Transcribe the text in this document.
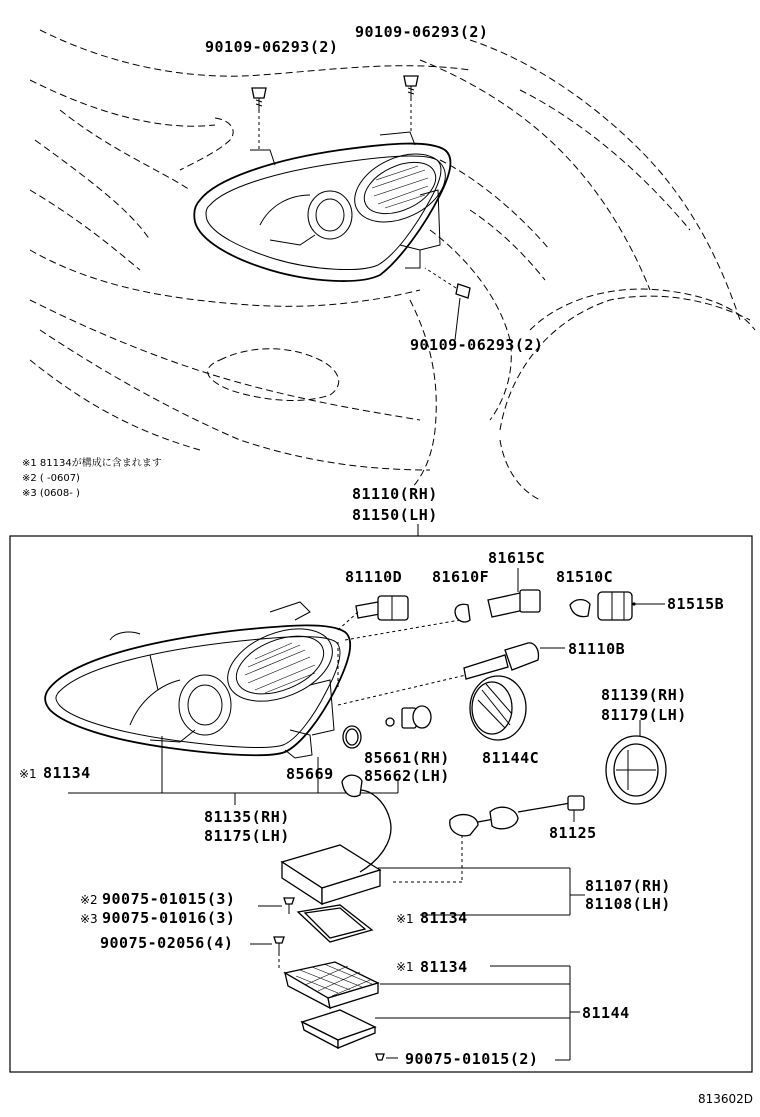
90109-06293(2)
90109-06293(2)
90109-06293(2)
※1 81134が構成に含まれます
※2 ( -0607)
※3 (0608- )	81110(RH)
81150(LH)
81110D 81610F
81615C
81510C
81515B
81110B
81139(RH)
81179(LH)
※1 81134	85669
85661(RH)
85662(LH)
81144C
81135(RH)
81175(LH)	81125
81107(RH)
81108(LH)
※2 90075-01015(3)
※3 90075-01016(3)	※1 81134
90075-02056(4)
※1 81134
81144
90075-01015(2)
813602D
